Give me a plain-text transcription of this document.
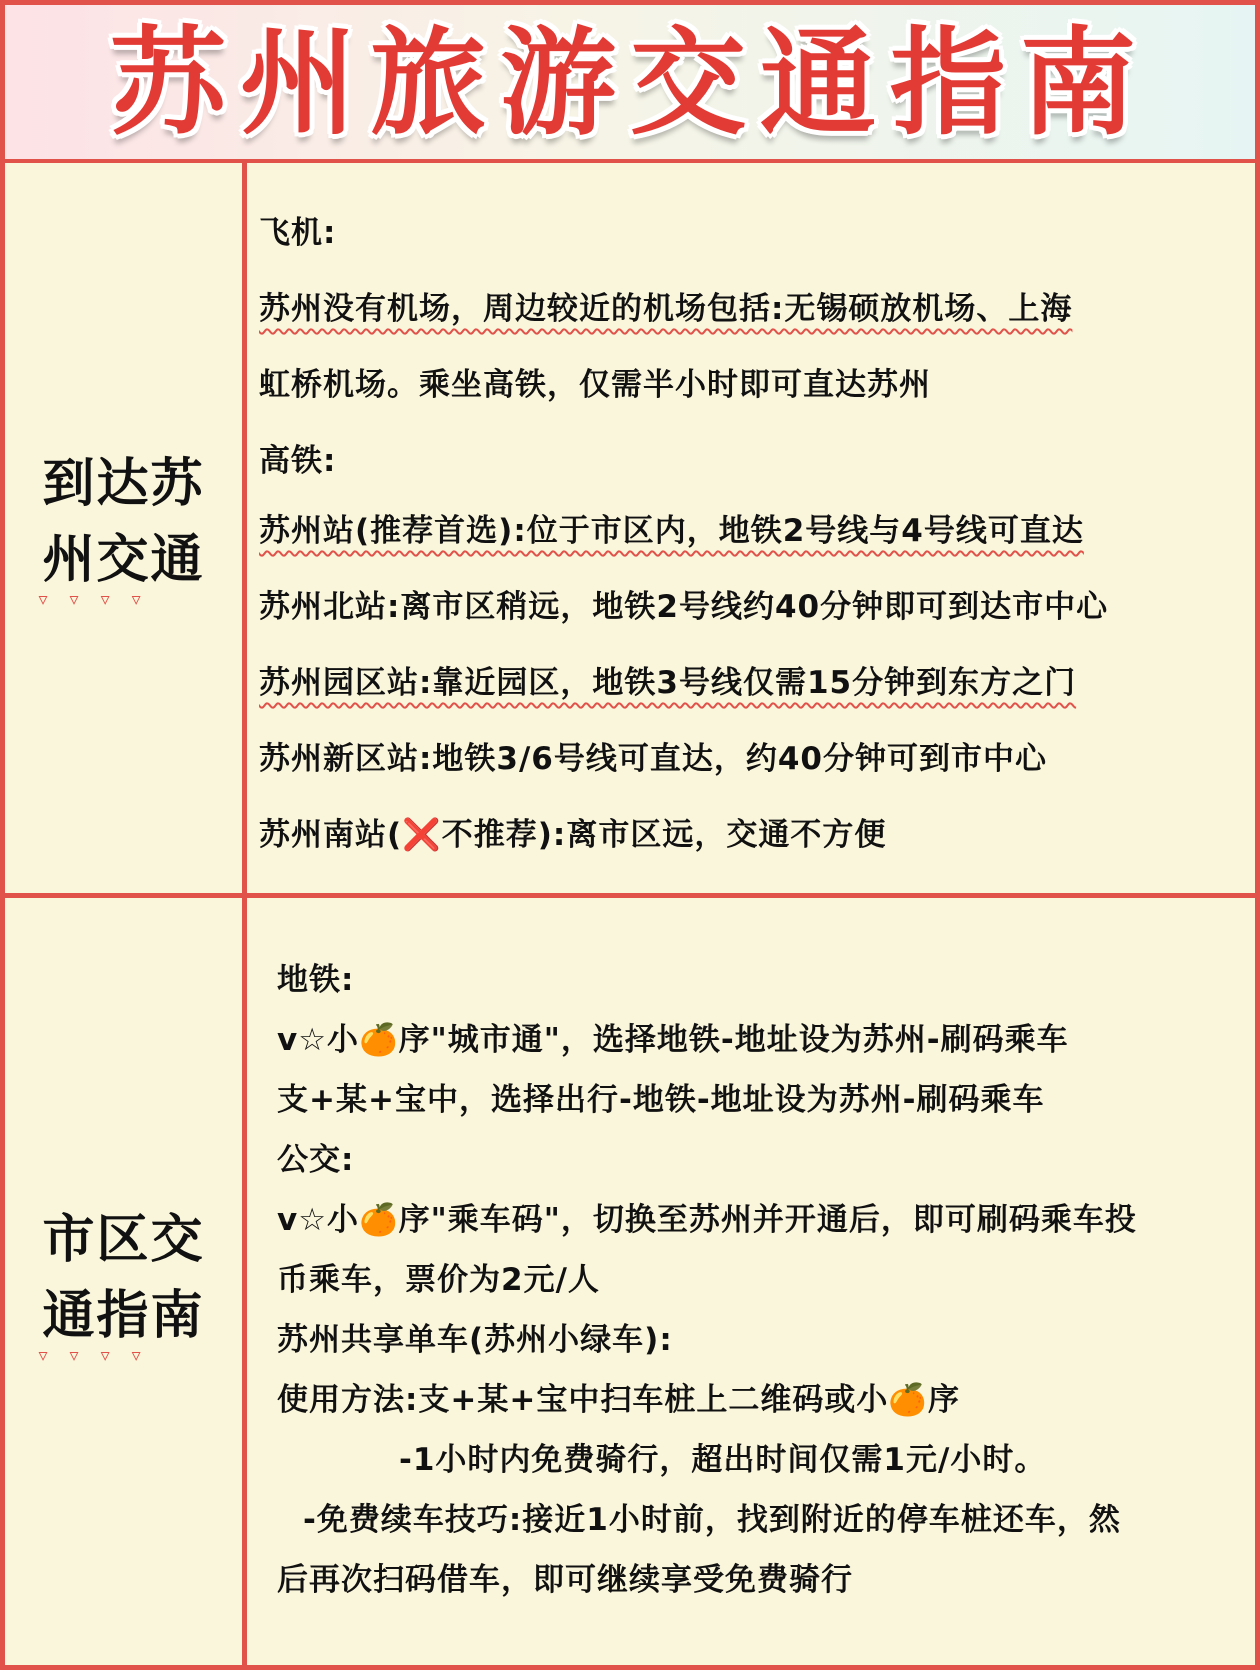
苏州旅游交通指南
到达苏州交通
▿▿▿▿
飞机:
苏州没有机场，周边较近的机场包括:无锡硕放机场、上海
虹桥机场。乘坐高铁，仅需半小时即可直达苏州
高铁:
苏州站(推荐首选):位于市区内，地铁2号线与4号线可直达
苏州北站:离市区稍远，地铁2号线约40分钟即可到达市中心
苏州园区站:靠近园区，地铁3号线仅需15分钟到东方之门
苏州新区站:地铁3/6号线可直达，约40分钟可到市中心
苏州南站(❌不推荐):离市区远，交通不方便
市区交通指南
▿▿▿▿
地铁:
v☆小🍊序"城市通"，选择地铁-地址设为苏州-刷码乘车
支+某+宝中，选择出行-地铁-地址设为苏州-刷码乘车
公交:
v☆小🍊序"乘车码"，切换至苏州并开通后，即可刷码乘车投
币乘车，票价为2元/人
苏州共享单车(苏州小绿车):
使用方法:支+某+宝中扫车桩上二维码或小🍊序
-1小时内免费骑行，超出时间仅需1元/小时。
-免费续车技巧:接近1小时前，找到附近的停车桩还车，然
后再次扫码借车，即可继续享受免费骑行
